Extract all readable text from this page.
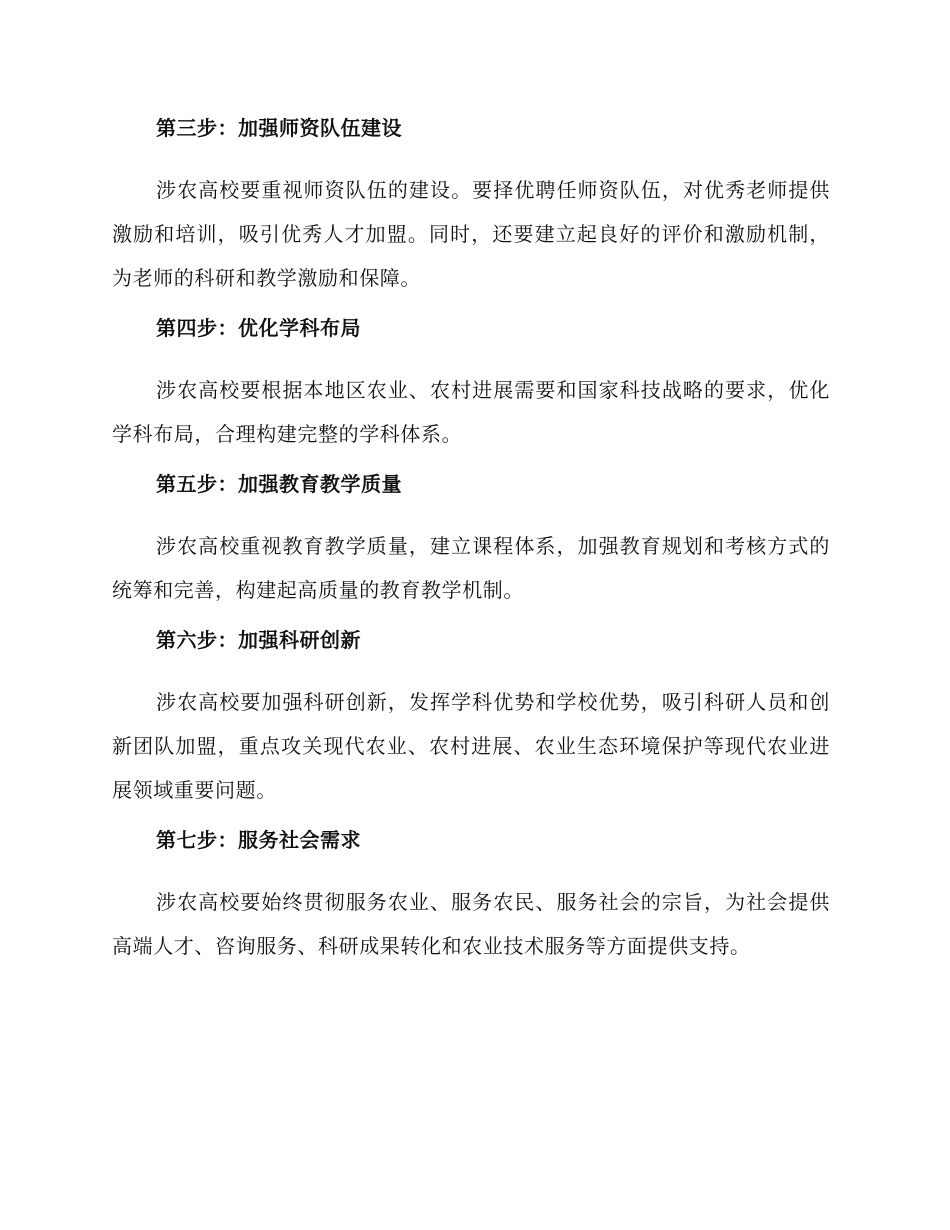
第三步：加强师资队伍建设

涉农高校要重视师资队伍的建设。要择优聘任师资队伍，对优秀老师提供激励和培训，吸引优秀人才加盟。同时，还要建立起良好的评价和激励机制，为老师的科研和教学激励和保障。

第四步：优化学科布局

涉农高校要根据本地区农业、农村进展需要和国家科技战略的要求，优化学科布局，合理构建完整的学科体系。

第五步：加强教育教学质量

涉农高校重视教育教学质量，建立课程体系，加强教育规划和考核方式的统筹和完善，构建起高质量的教育教学机制。

第六步：加强科研创新

涉农高校要加强科研创新，发挥学科优势和学校优势，吸引科研人员和创新团队加盟，重点攻关现代农业、农村进展、农业生态环境保护等现代农业进展领域重要问题。

第七步：服务社会需求

涉农高校要始终贯彻服务农业、服务农民、服务社会的宗旨，为社会提供高端人才、咨询服务、科研成果转化和农业技术服务等方面提供支持。
